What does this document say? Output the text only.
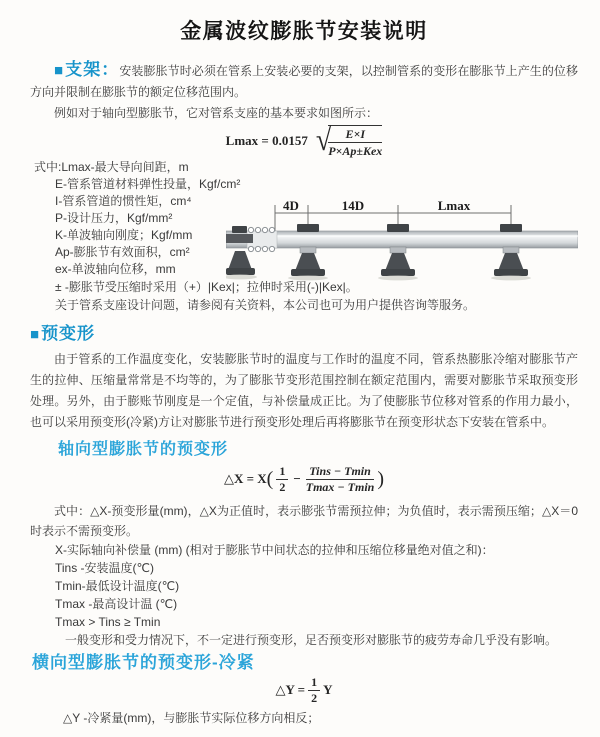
金属波纹膨胀节安装说明

■支架：安装膨胀节时必须在管系上安装必要的支架，以控制管系的变形在膨胀节上产生的位移方向并限制在膨胀节的额定位移范围内。

例如对于轴向型膨胀节，它对管系支座的基本要求如图所示：

Lmax = 0.0157 √	E×I
P×Ap±Kex
式中:Lmax-最大导向间距，m
E-管系管道材料弹性投量，Kgf/cm²
I-管系管道的惯性矩，cm⁴
P-设计压力，Kgf/mm²
K-单波轴向刚度；Kgf/mm
Ap-膨胀节有效面积，cm²
ex-单波轴向位移，mm
4D	14D	Lmax
± -膨胀节受压缩时采用（+）|Kex|；拉伸时采用(-)|Kex|。
关于管系支座设计问题，请参阅有关资料，本公司也可为用户提供咨询等服务。
■预变形

由于管系的工作温度变化，安装膨胀节时的温度与工作时的温度不同，管系热膨胀冷缩对膨胀节产生的拉伸、压缩量常常是不均等的，为了膨胀节变形范围控制在额定范围内，需要对膨胀节采取预变形处理。另外，由于膨账节刚度是一个定值，与补偿量成正比。为了使膨胀节位移对管系的作用力最小，也可以采用预变形(冷紧)方让对膨胀节进行预变形处理后再将膨胀节在预变形状态下安装在管系中。

轴向型膨胀节的预变形
△X = X ( $\frac{1}{2} - \frac{\text{Tins − Tmin}}{Tmax - Tmin}$ )

式中：△X-预变形量(mm)，△X为正值时，表示膨张节需预拉伸；为负值时，表示需预压缩；△X＝0时表示不需预变形。

X-实际轴向补偿量 (mm) (相对于膨胀节中间状态的拉伸和压缩位移量绝对值之和)：
Tins -安装温度(℃)
Tmin-最低设计温度(℃)
Tmax -最高设计温 (℃)
Tmax > Tins ≥ Tmin
一般变形和受力情况下，不一定进行预变形，足否预变形对膨胀节的疲劳寿命几乎没有影响。
横向型膨胀节的预变形-冷紧
△Y = $\frac{1}{2}$ Y
△Y -冷紧量(mm)，与膨胀节实际位移方向相反；
